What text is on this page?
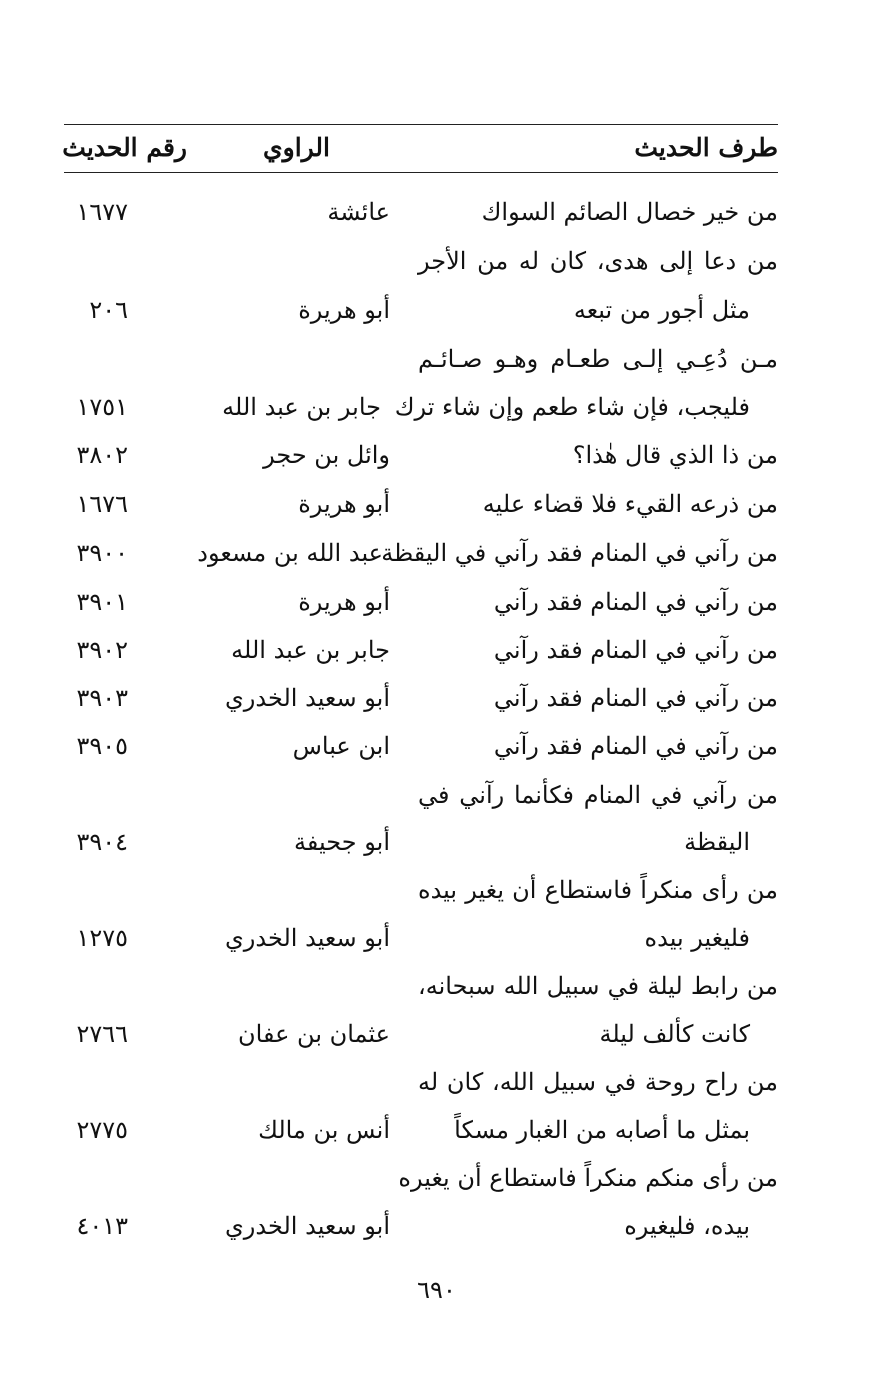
طرف الحديث
الراوي
رقم الحديث
من خير خصال الصائم السواك
عائشة
١٦٧٧
من دعا إلى هدى، كان له من الأجر
مثل أجور من تبعه
أبو هريرة
٢٠٦
مـن دُعِـي إلـى طعـام وهـو صـائـم
فليجب، فإن شاء طعم وإن شاء ترك
جابر بن عبد الله
١٧٥١
من ذا الذي قال هٰذا؟
وائل بن حجر
٣٨٠٢
من ذرعه القيء فلا قضاء عليه
أبو هريرة
١٦٧٦
من رآني في المنام فقد رآني في اليقظة
عبد الله بن مسعود
٣٩٠٠
من رآني في المنام فقد رآني
أبو هريرة
٣٩٠١
من رآني في المنام فقد رآني
جابر بن عبد الله
٣٩٠٢
من رآني في المنام فقد رآني
أبو سعيد الخدري
٣٩٠٣
من رآني في المنام فقد رآني
ابن عباس
٣٩٠٥
من رآني في المنام فكأنما رآني في
اليقظة
أبو جحيفة
٣٩٠٤
من رأى منكراً فاستطاع أن يغير بيده
فليغير بيده
أبو سعيد الخدري
١٢٧٥
من رابط ليلة في سبيل الله سبحانه،
كانت كألف ليلة
عثمان بن عفان
٢٧٦٦
من راح روحة في سبيل الله، كان له
بمثل ما أصابه من الغبار مسكاً
أنس بن مالك
٢٧٧٥
من رأى منكم منكراً فاستطاع أن يغيره
بيده، فليغيره
أبو سعيد الخدري
٤٠١٣
٦٩٠
